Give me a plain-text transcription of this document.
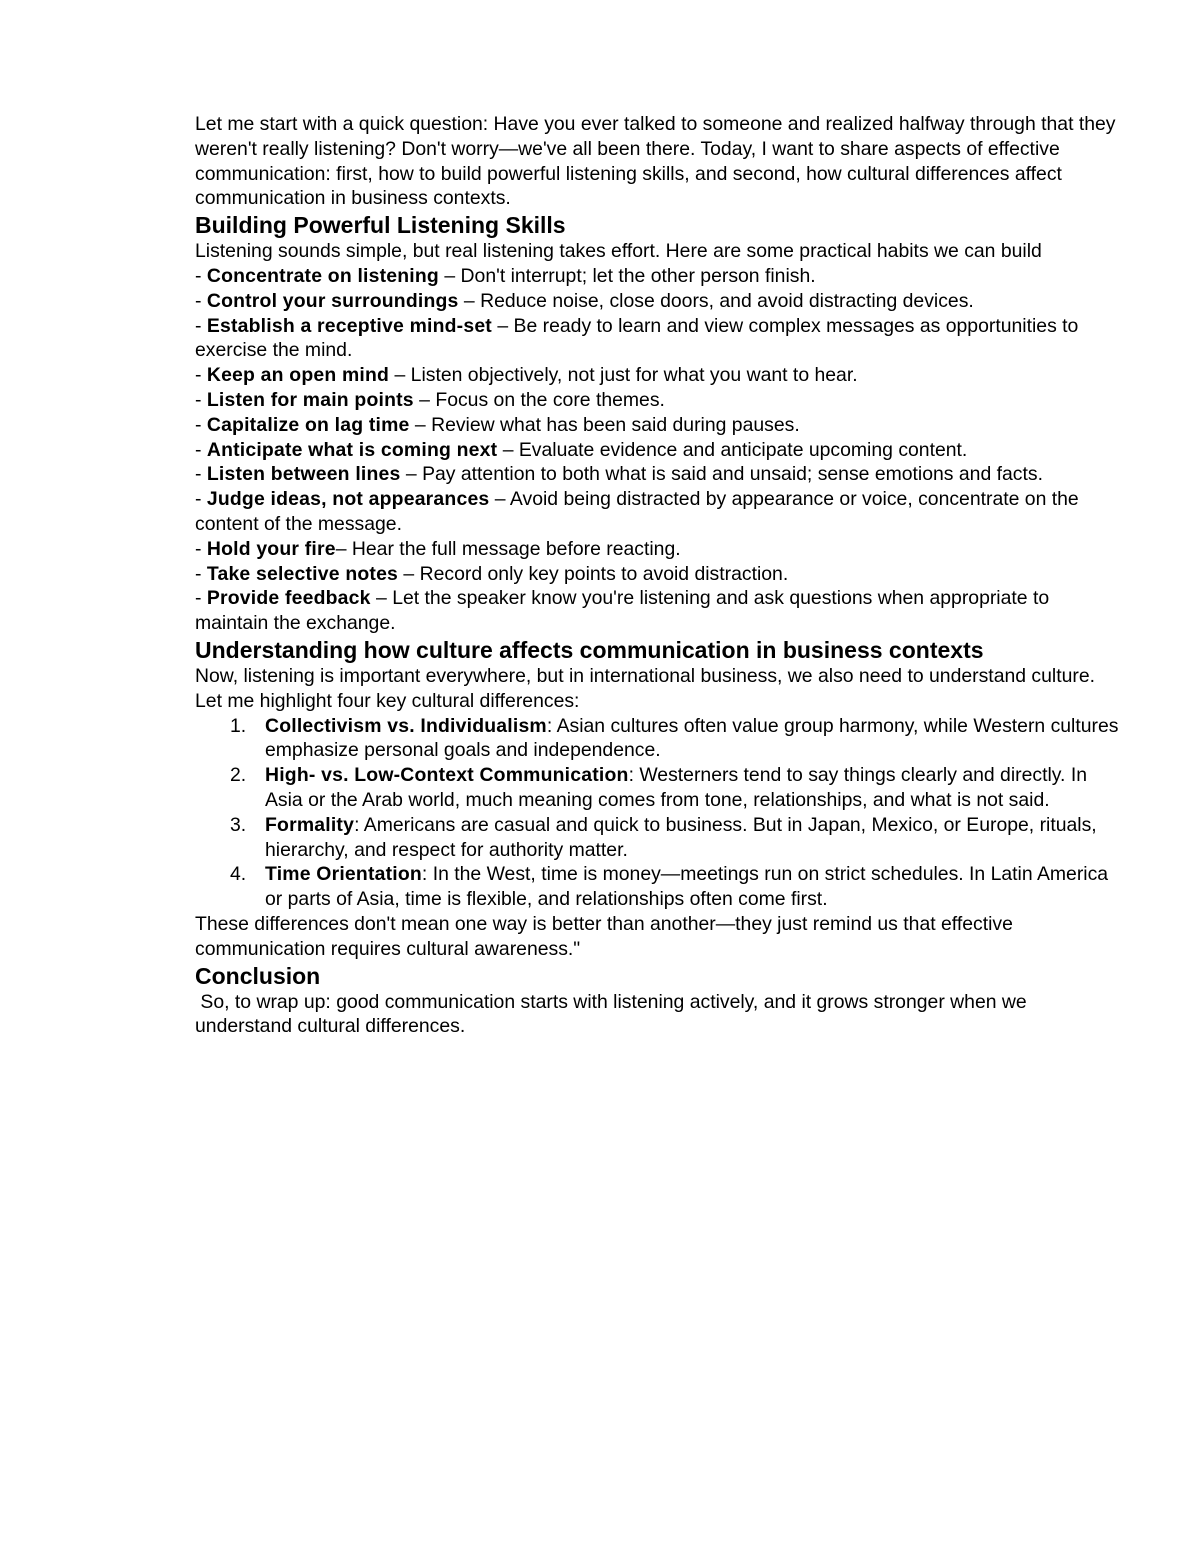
Let me start with a quick question: Have you ever talked to someone and realized halfway through that they weren't really listening? Don't worry—we've all been there. Today, I want to share aspects of effective communication: first, how to build powerful listening skills, and second, how cultural differences affect communication in business contexts.

Building Powerful Listening Skills

Listening sounds simple, but real listening takes effort. Here are some practical habits we can build

- Concentrate on listening – Don't interrupt; let the other person finish.

- Control your surroundings – Reduce noise, close doors, and avoid distracting devices.

- Establish a receptive mind-set – Be ready to learn and view complex messages as opportunities to exercise the mind.

- Keep an open mind – Listen objectively, not just for what you want to hear.

- Listen for main points – Focus on the core themes.

- Capitalize on lag time – Review what has been said during pauses.

- Anticipate what is coming next – Evaluate evidence and anticipate upcoming content.

- Listen between lines – Pay attention to both what is said and unsaid; sense emotions and facts.

- Judge ideas, not appearances – Avoid being distracted by appearance or voice, concentrate on the content of the message.

- Hold your fire– Hear the full message before reacting.

- Take selective notes – Record only key points to avoid distraction.

- Provide feedback – Let the speaker know you're listening and ask questions when appropriate to maintain the exchange.

Understanding how culture affects communication in business contexts

Now, listening is important everywhere, but in international business, we also need to understand culture. Let me highlight four key cultural differences:

1. Collectivism vs. Individualism: Asian cultures often value group harmony, while Western cultures emphasize personal goals and independence.
2. High- vs. Low-Context Communication: Westerners tend to say things clearly and directly. In Asia or the Arab world, much meaning comes from tone, relationships, and what is not said.
3. Formality: Americans are casual and quick to business. But in Japan, Mexico, or Europe, rituals, hierarchy, and respect for authority matter.
4. Time Orientation: In the West, time is money—meetings run on strict schedules. In Latin America or parts of Asia, time is flexible, and relationships often come first.

These differences don't mean one way is better than another—they just remind us that effective communication requires cultural awareness."

Conclusion

So, to wrap up: good communication starts with listening actively, and it grows stronger when we understand cultural differences.
